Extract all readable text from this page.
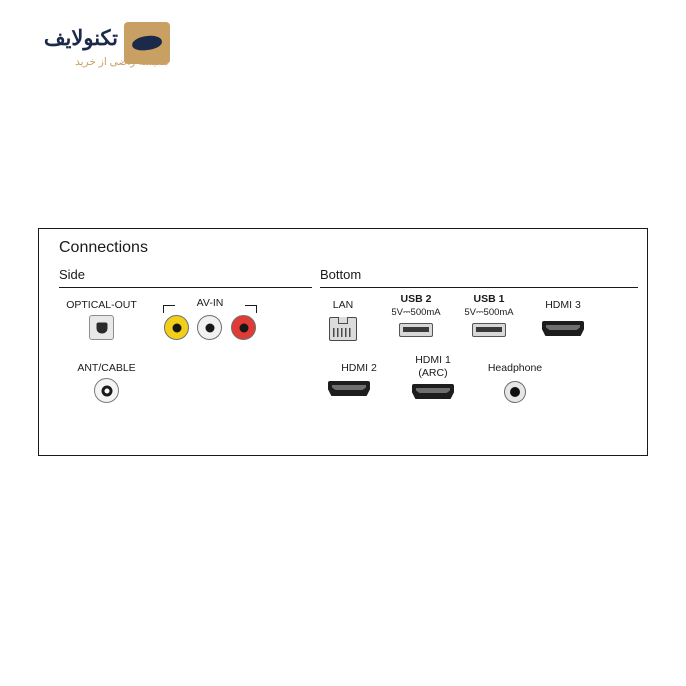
تکنولایف
همیشه راضی از خرید
Connections
Side	Bottom
OPTICAL-OUT	AV-IN
ANT/CABLE
LAN	USB 2
5V⎓500mA
USB 1
5V⎓500mA
HDMI 3
HDMI 2
HDMI 1
(ARC)	Headphone
